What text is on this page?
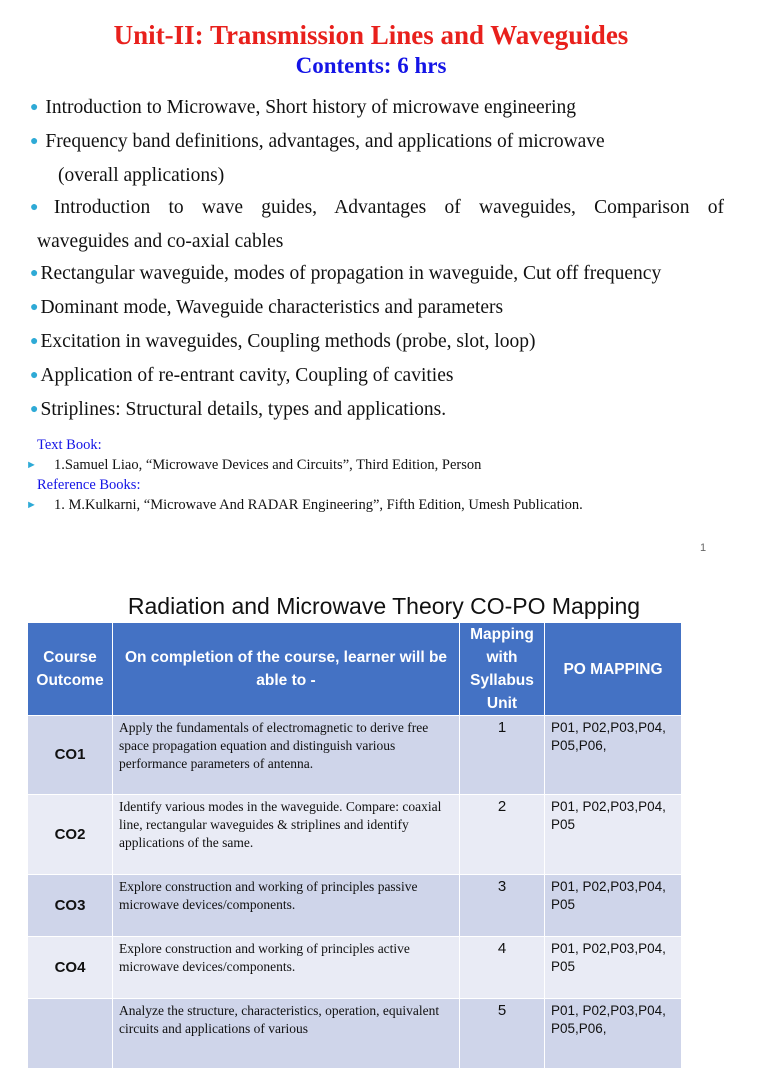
Unit-II: Transmission Lines and Waveguides
Contents: 6 hrs
● Introduction to Microwave, Short history of microwave engineering
● Frequency band definitions, advantages, and applications of microwave
(overall applications)
● Introduction to wave guides, Advantages of waveguides, Comparison of
waveguides and co-axial cables
● Rectangular waveguide, modes of propagation in waveguide, Cut off frequency
● Dominant mode, Waveguide characteristics and parameters
● Excitation in waveguides, Coupling methods (probe, slot, loop)
● Application of re-entrant cavity, Coupling of cavities
● Striplines: Structural details, types and applications.
Text Book:
►	1.Samuel Liao, “Microwave Devices and Circuits”, Third Edition, Person
Reference Books:
►	1. M.Kulkarni, “Microwave And RADAR Engineering”, Fifth Edition, Umesh Publication.
1
Radiation and Microwave Theory CO-PO Mapping
Course Outcome	On completion of the course, learner will be able to -	Mapping with Syllabus Unit	PO MAPPING
CO1	Apply the fundamentals of electromagnetic to derive free space propagation equation and distinguish various performance parameters of antenna.	1	P01, P02,P03,P04, P05,P06,
CO2	Identify various modes in the waveguide. Compare: coaxial line, rectangular waveguides & striplines and identify applications of the same.	2	P01, P02,P03,P04, P05
CO3	Explore construction and working of principles passive microwave devices/components.	3	P01, P02,P03,P04, P05
CO4	Explore construction and working of principles active microwave devices/components.	4	P01, P02,P03,P04, P05
	Analyze the structure, characteristics, operation, equivalent circuits and applications of various	5	P01, P02,P03,P04, P05,P06,
